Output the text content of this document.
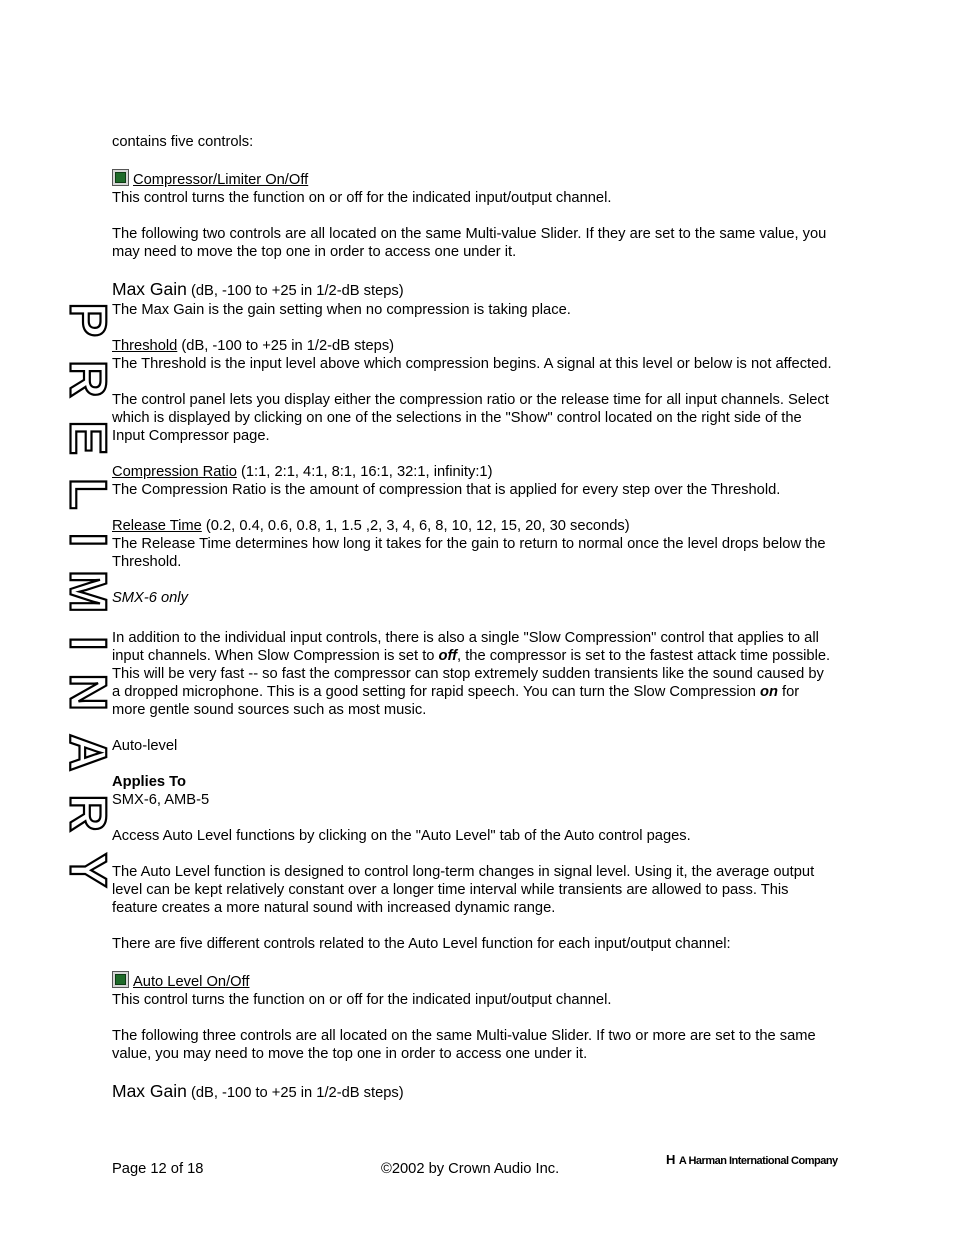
PRELIMINARY

contains five controls:

Compressor/Limiter On/Off

This control turns the function on or off for the indicated input/output channel.

The following two controls are all located on the same Multi-value Slider. If they are set to the same value, you may need to move the top one in order to access one under it.

Max Gain (dB, -100 to +25 in 1/2-dB steps)

The Max Gain is the gain setting when no compression is taking place.

Threshold (dB, -100 to +25 in 1/2-dB steps)

The Threshold is the input level above which compression begins. A signal at this level or below is not affected.

The control panel lets you display either the compression ratio or the release time for all input channels. Select which is displayed by clicking on one of the selections in the "Show" control located on the right side of the Input Compressor page.

Compression Ratio (1:1, 2:1, 4:1, 8:1, 16:1, 32:1, infinity:1)

The Compression Ratio is the amount of compression that is applied for every step over the Threshold.

Release Time (0.2, 0.4, 0.6, 0.8, 1, 1.5 ,2, 3, 4, 6, 8, 10, 12, 15, 20, 30 seconds)

The Release Time determines how long it takes for the gain to return to normal once the level drops below the Threshold.

SMX-6 only

In addition to the individual input controls, there is also a single "Slow Compression" control that applies to all input channels. When Slow Compression is set to off, the compressor is set to the fastest attack time possible. This will be very fast -- so fast the compressor can stop extremely sudden transients like the sound caused by a dropped microphone. This is a good setting for rapid speech. You can turn the Slow Compression on for more gentle sound sources such as most music.

Auto-level

Applies To

SMX-6, AMB-5

Access Auto Level functions by clicking on the "Auto Level" tab of the Auto control pages.

The Auto Level function is designed to control long-term changes in signal level. Using it, the average output level can be kept relatively constant over a longer time interval while transients are allowed to pass. This feature creates a more natural sound with increased dynamic range.

There are five different controls related to the Auto Level function for each input/output channel:

Auto Level On/Off

This control turns the function on or off for the indicated input/output channel.

The following three controls are all located on the same Multi-value Slider. If two or more are set to the same value, you may need to move the top one in order to access one under it.

Max Gain (dB, -100 to +25 in 1/2-dB steps)

Page 12 of 18	©2002 by Crown Audio Inc.
H A Harman International Company
